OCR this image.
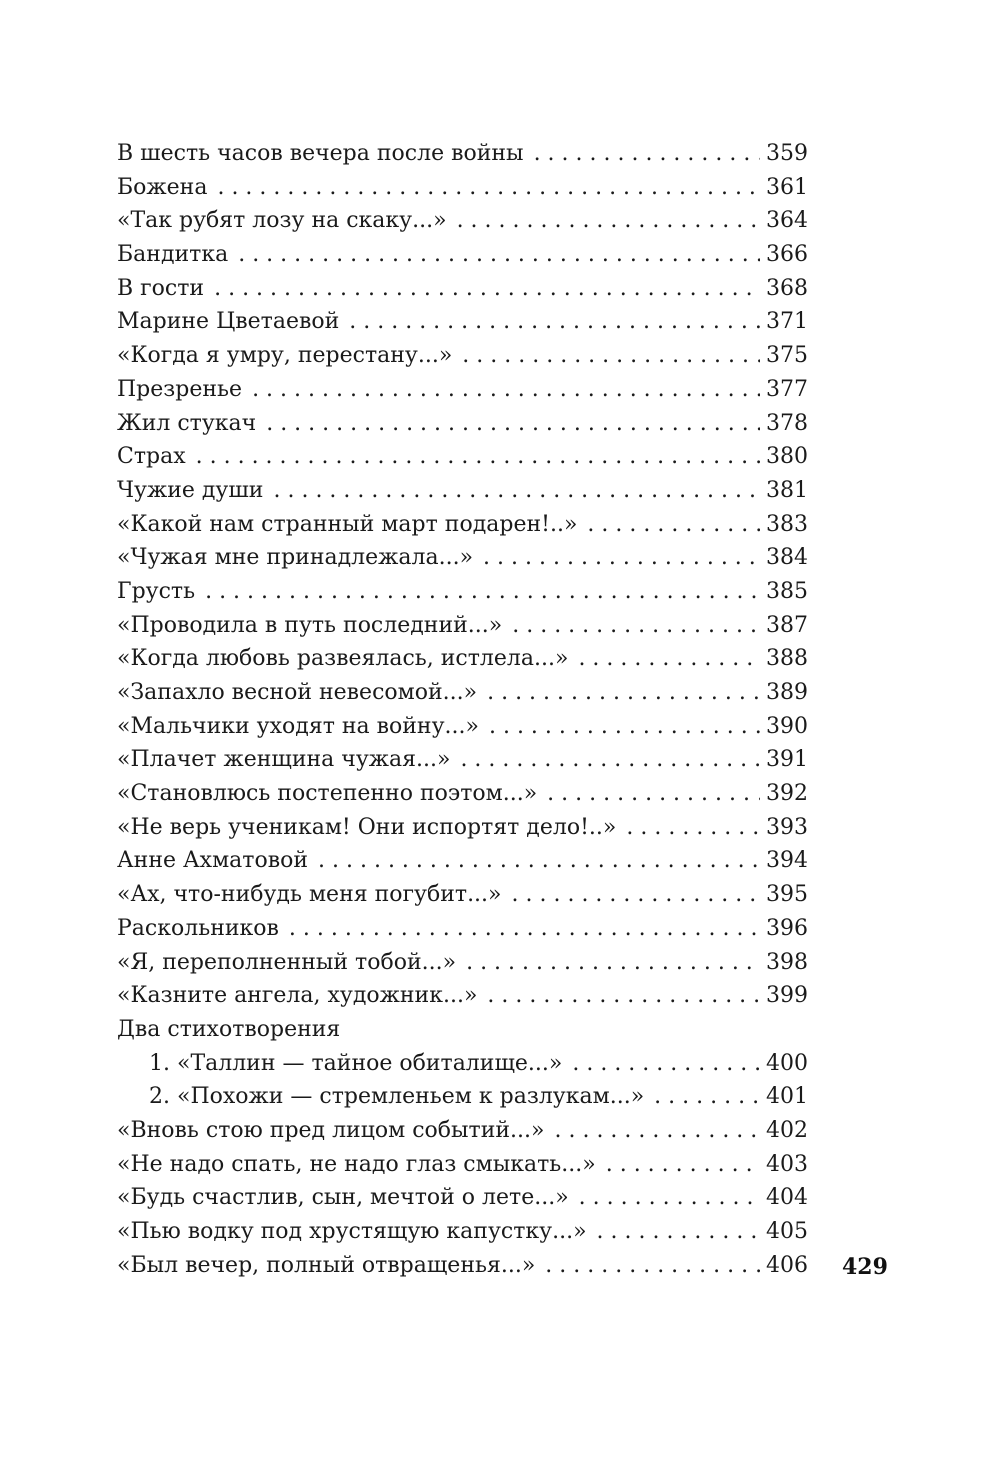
В шесть часов вечера после войны . . .	359
Божена . . .	361
«Так рубят лозу на скаку...» . . .	364
Бандитка . . .	366
В гости . . .	368
Марине Цветаевой . . .	371
«Когда я умру, перестану...» . . .	375
Презренье . . .	377
Жил стукач . . .	378
Страх . . .	380
Чужие души . . .	381
«Какой нам странный март подарен!..» . . .	383
«Чужая мне принадлежала...» . . .	384
Грусть . . .	385
«Проводила в путь последний...» . . .	387
«Когда любовь развеялась, истлела...» . . .	388
«Запахло весной невесомой...» . . .	389
«Мальчики уходят на войну...» . . .	390
«Плачет женщина чужая...» . . .	391
«Становлюсь постепенно поэтом...» . . .	392
«Не верь ученикам! Они испортят дело!..» . . .	393
Анне Ахматовой . . .	394
«Ах, что-нибудь меня погубит...» . . .	395
Раскольников . . .	396
«Я, переполненный тобой...» . . .	398
«Казните ангела, художник...» . . .	399
Два стихотворения
1. «Таллин — тайное обиталище...» . . .	400
2. «Похожи — стремленьем к разлукам...» . . .	401
«Вновь стою пред лицом событий...» . . .	402
«Не надо спать, не надо глаз смыкать...» . . .	403
«Будь счастлив, сын, мечтой о лете...» . . .	404
«Пью водку под хрустящую капустку...» . . .	405
«Был вечер, полный отвращенья...» . . .	406 429
